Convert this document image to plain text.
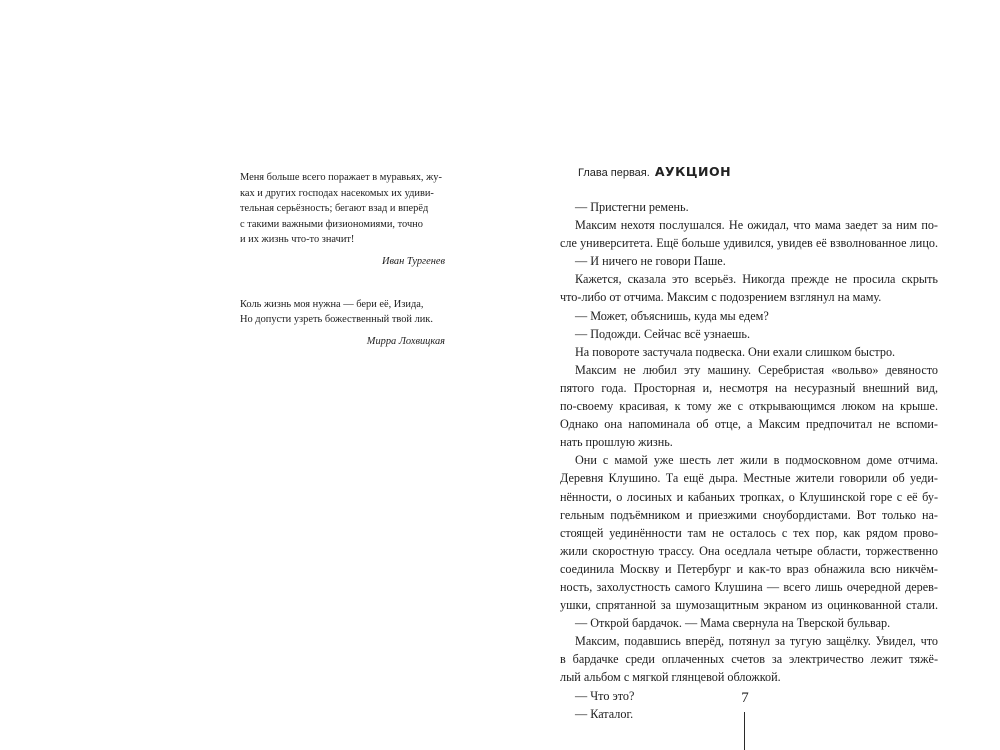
Меня больше всего поражает в муравьях, жу-

ках и других господах насекомых их удиви-

тельная серьёзность; бегают взад и вперёд

с такими важными физиономиями, точно

и их жизнь что-то значит!

Иван Тургенев

Коль жизнь моя нужна — бери её, Изида,

Но допусти узреть божественный твой лик.

Мирра Лохвицкая
Глава первая. АУКЦИОН
— Пристегни ремень.
Максим нехотя послушался. Не ожидал, что мама заедет за ним по-
сле университета. Ещё больше удивился, увидев её взволнованное лицо.
— И ничего не говори Паше.
Кажется, сказала это всерьёз. Никогда прежде не просила скрыть
что-либо от отчима. Максим с подозрением взглянул на маму.
— Может, объяснишь, куда мы едем?
— Подожди. Сейчас всё узнаешь.
На повороте застучала подвеска. Они ехали слишком быстро.
Максим не любил эту машину. Серебристая «вольво» девяносто
пятого года. Просторная и, несмотря на несуразный внешний вид,
по-своему красивая, к тому же с открывающимся люком на крыше.
Однако она напоминала об отце, а Максим предпочитал не вспоми-
нать прошлую жизнь.
Они с мамой уже шесть лет жили в подмосковном доме отчима.
Деревня Клушино. Та ещё дыра. Местные жители говорили об уеди-
нённости, о лосиных и кабаньих тропках, о Клушинской горе с её бу-
гельным подъёмником и приезжими сноубордистами. Вот только на-
стоящей уединённости там не осталось с тех пор, как рядом прово-
жили скоростную трассу. Она оседлала четыре области, торжественно
соединила Москву и Петербург и как-то враз обнажила всю никчём-
ность, захолустность самого Клушина — всего лишь очередной дерев-
ушки, спрятанной за шумозащитным экраном из оцинкованной стали.
— Открой бардачок. — Мама свернула на Тверской бульвар.
Максим, подавшись вперёд, потянул за тугую защёлку. Увидел, что
в бардачке среди оплаченных счетов за электричество лежит тяжё-
лый альбом с мягкой глянцевой обложкой.
— Что это?
— Каталог.
7
